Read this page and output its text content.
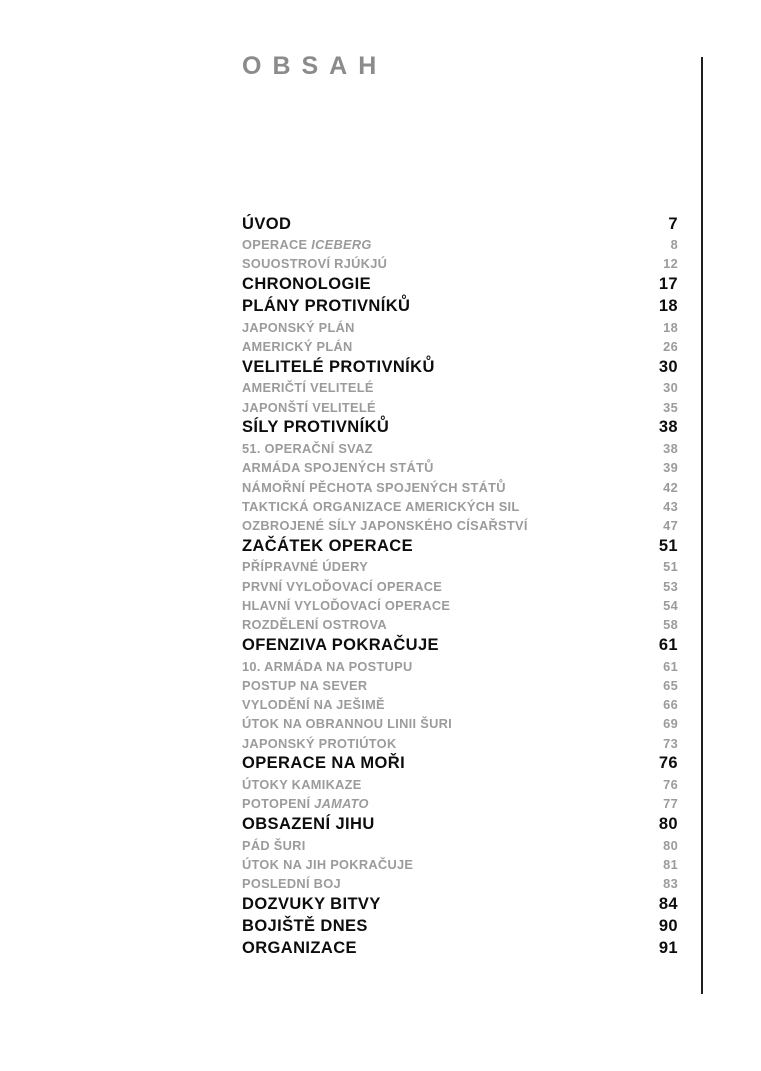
OBSAH
ÚVOD	7
OPERACE ICEBERG	8
SOUOSTROVÍ RJÚKJÚ	12
CHRONOLOGIE	17
PLÁNY PROTIVNÍKŮ	18
JAPONSKÝ PLÁN	18
AMERICKÝ PLÁN	26
VELITELÉ PROTIVNÍKŮ	30
AMERIČTÍ VELITELÉ	30
JAPONŠTÍ VELITELÉ	35
SÍLY PROTIVNÍKŮ	38
51. OPERAČNÍ SVAZ	38
ARMÁDA SPOJENÝCH STÁTŮ	39
NÁMOŘNÍ PĚCHOTA SPOJENÝCH STÁTŮ	42
TAKTICKÁ ORGANIZACE AMERICKÝCH SIL	43
OZBROJENÉ SÍLY JAPONSKÉHO CÍSAŘSTVÍ	47
ZAČÁTEK OPERACE	51
PŘÍPRAVNÉ ÚDERY	51
PRVNÍ VYLOĎOVACÍ OPERACE	53
HLAVNÍ VYLOĎOVACÍ OPERACE	54
ROZDĚLENÍ OSTROVA	58
OFENZIVA POKRAČUJE	61
10. ARMÁDA NA POSTUPU	61
POSTUP NA SEVER	65
VYLODĚNÍ NA JEŠIMĚ	66
ÚTOK NA OBRANNOU LINII ŠURI	69
JAPONSKÝ PROTIÚTOK	73
OPERACE NA MOŘI	76
ÚTOKY KAMIKAZE	76
POTOPENÍ JAMATO	77
OBSAZENÍ JIHU	80
PÁD ŠURI	80
ÚTOK NA JIH POKRAČUJE	81
POSLEDNÍ BOJ	83
DOZVUKY BITVY	84
BOJIŠTĚ DNES	90
ORGANIZACE	91
